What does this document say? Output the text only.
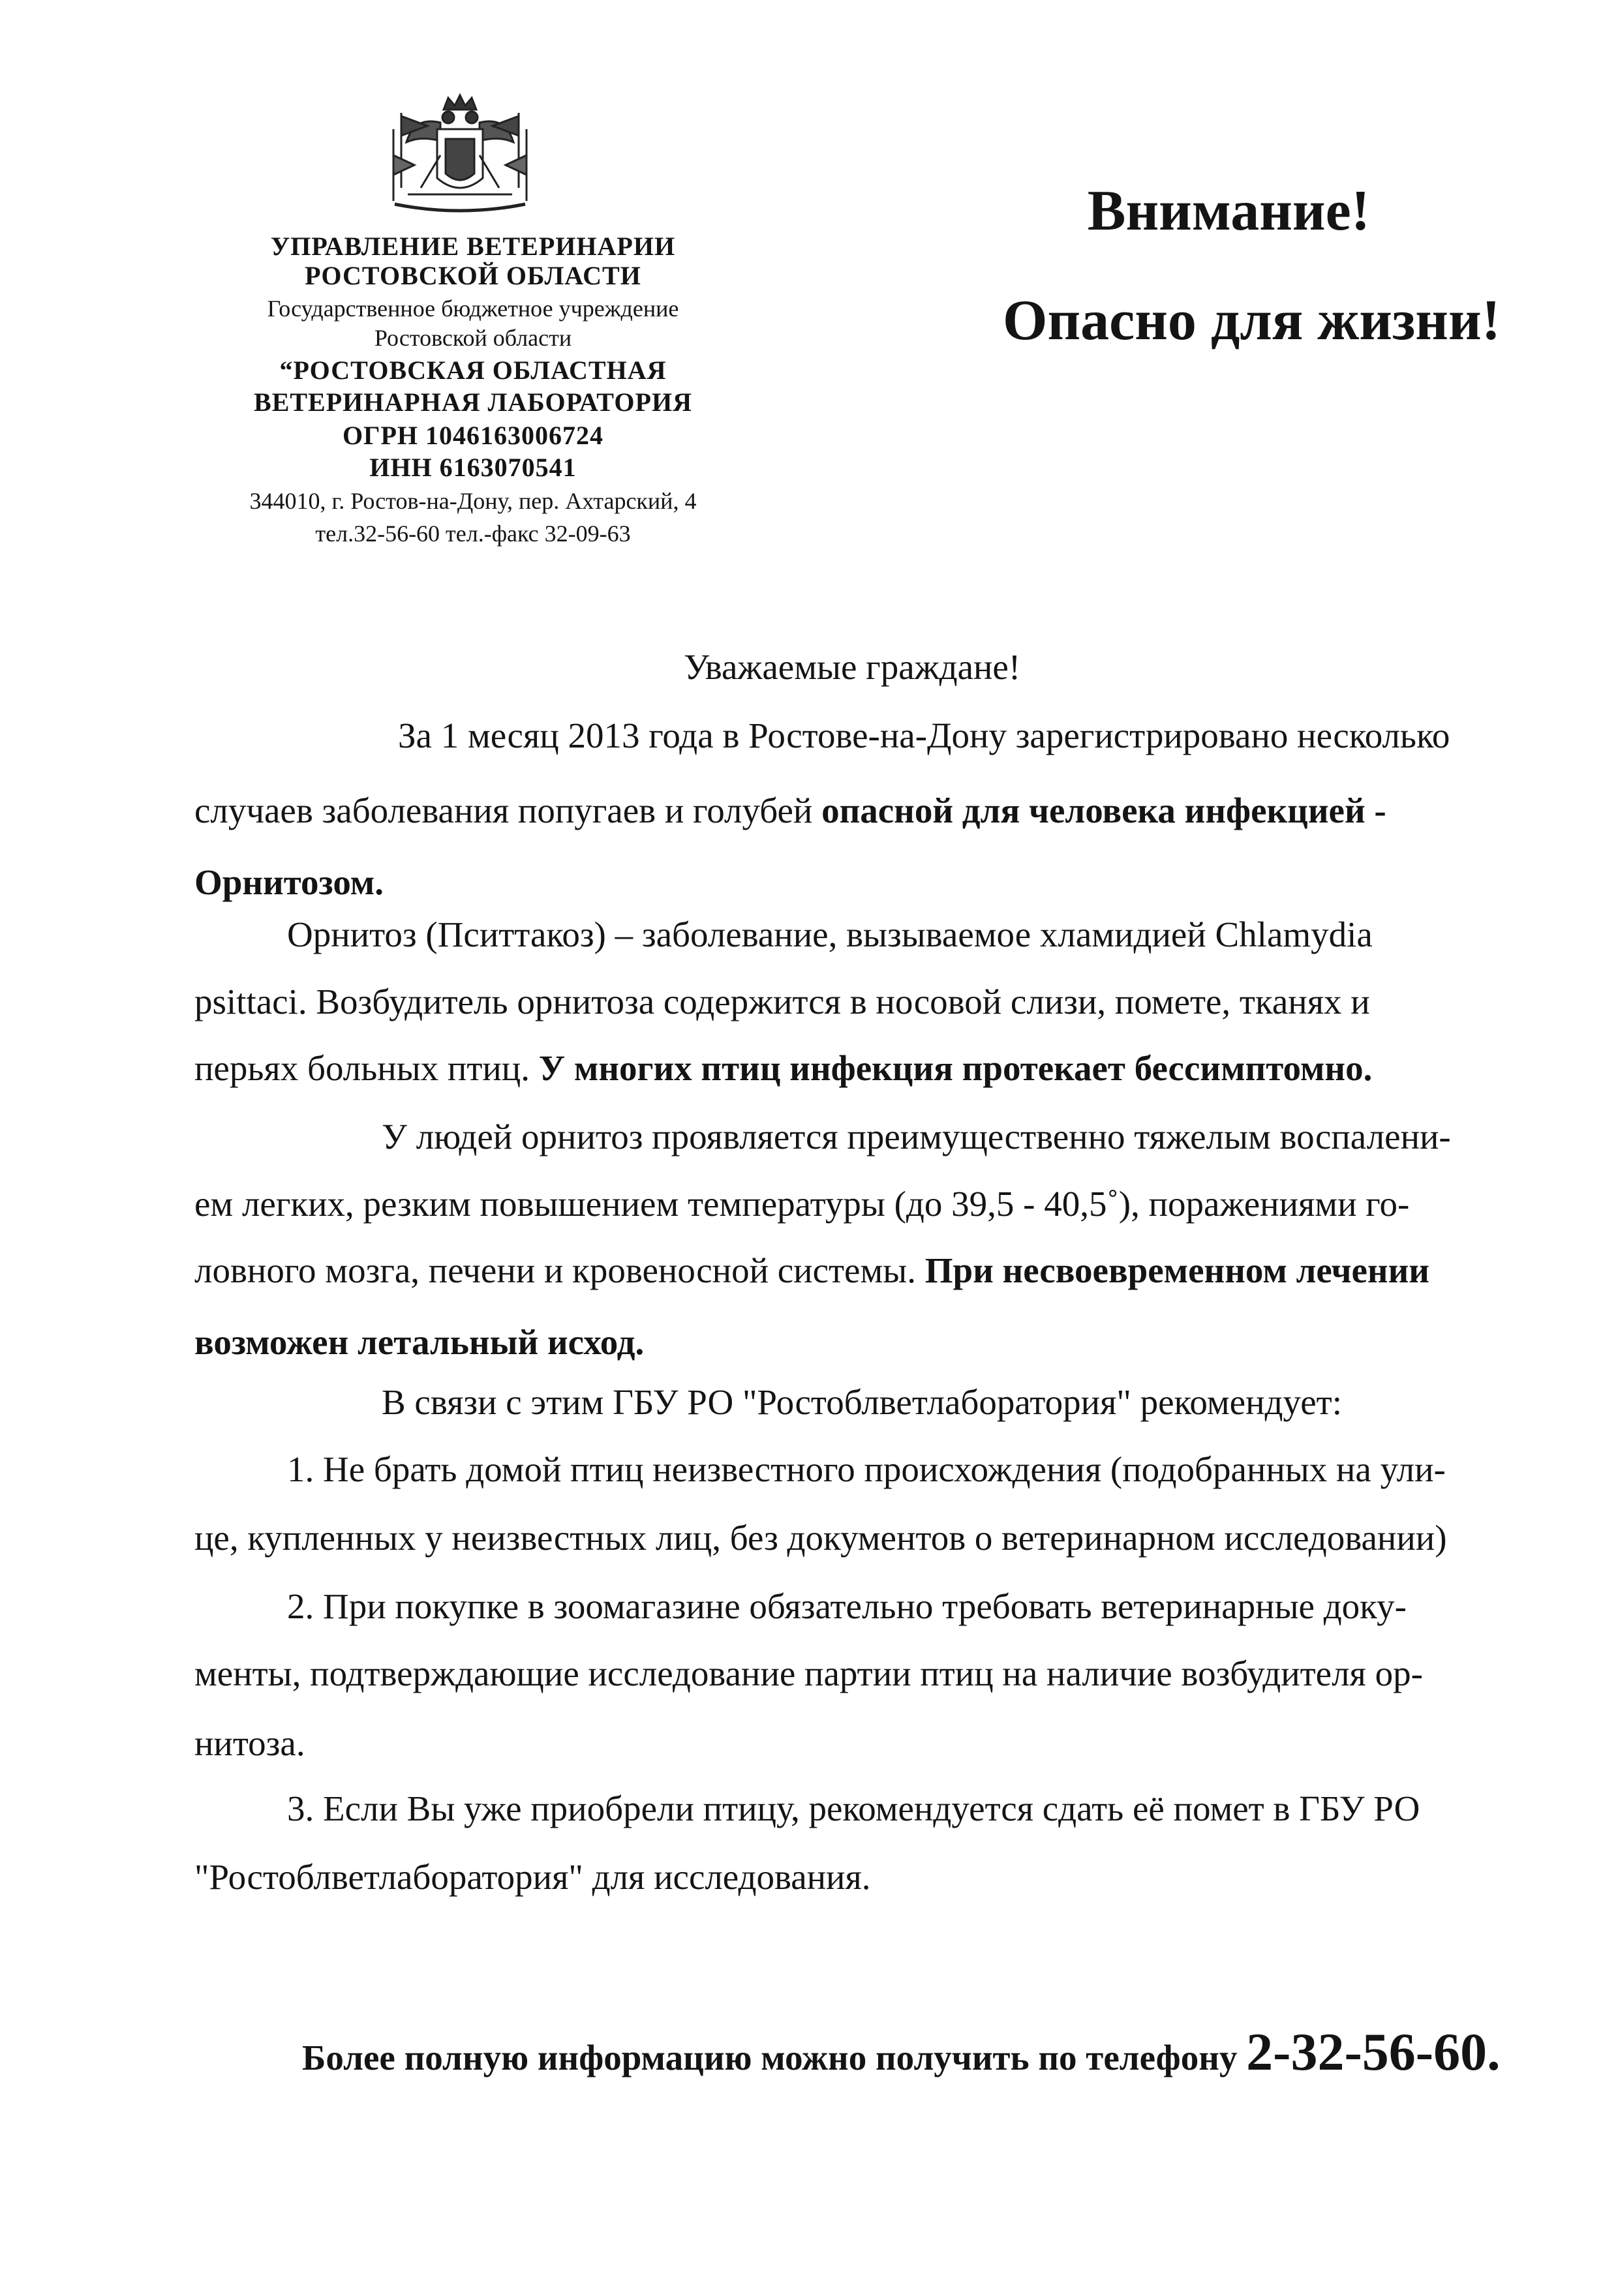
УПРАВЛЕНИЕ ВЕТЕРИНАРИИ
РОСТОВСКОЙ ОБЛАСТИ
Государственное бюджетное учреждение
Ростовской области
“РОСТОВСКАЯ ОБЛАСТНАЯ
ВЕТЕРИНАРНАЯ ЛАБОРАТОРИЯ
ОГРН 1046163006724
ИНН 6163070541
344010, г. Ростов-на-Дону, пер. Ахтарский, 4
тел.32-56-60 тел.-факс 32-09-63
Внимание!
Опасно для жизни!
Уважаемые граждане!
За 1 месяц 2013 года в Ростове-на-Дону зарегистрировано несколько
случаев заболевания попугаев и голубей опасной для человека инфекцией -
Орнитозом.
Орнитоз (Пситтакоз) – заболевание, вызываемое хламидией Chlamydia
psittaci. Возбудитель орнитоза содержится в носовой слизи, помете, тканях и
перьях больных птиц. У многих птиц инфекция протекает бессимптомно.
У людей орнитоз проявляется преимущественно тяжелым воспалени-
ем легких, резким повышением температуры (до 39,5 - 40,5˚), поражениями го-
ловного мозга, печени и кровеносной системы. При несвоевременном лечении
возможен летальный исход.
В связи с этим ГБУ РО "Ростоблветлаборатория" рекомендует:
1. Не брать домой птиц неизвестного происхождения (подобранных на ули-
це, купленных у неизвестных лиц, без документов о ветеринарном исследовании)
2. При покупке в зоомагазине обязательно требовать ветеринарные доку-
менты, подтверждающие исследование партии птиц на наличие возбудителя ор-
нитоза.
3. Если Вы уже приобрели птицу, рекомендуется сдать её помет в ГБУ РО
"Ростоблветлаборатория" для исследования.
Более полную информацию можно получить по телефону 2-32-56-60.
